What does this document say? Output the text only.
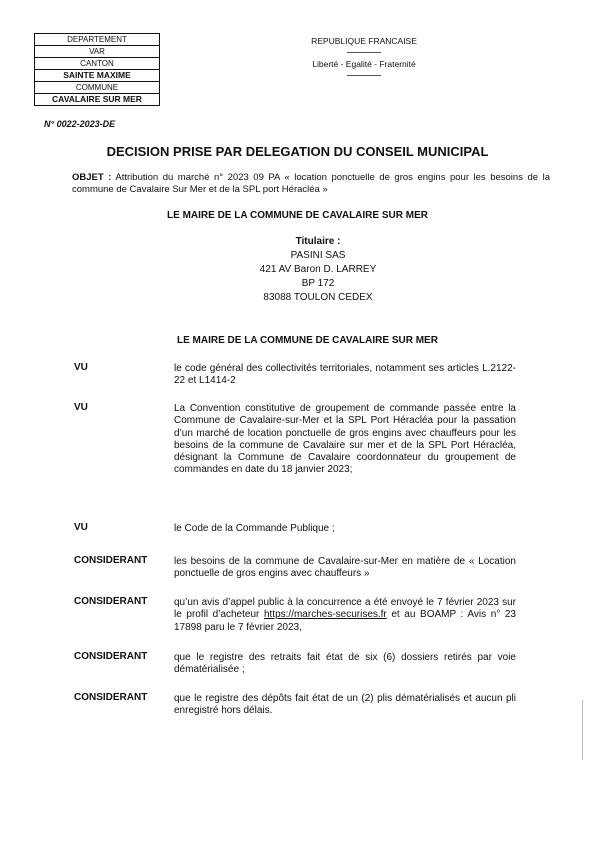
DEPARTEMENT
VAR
CANTON
SAINTE MAXIME
COMMUNE
CAVALAIRE SUR MER
REPUBLIQUE FRANCAISE
Liberté - Egalité - Fraternité
N° 0022-2023-DE
DECISION PRISE PAR DELEGATION DU CONSEIL MUNICIPAL
OBJET : Attribution du marché n° 2023 09 PA « location ponctuelle de gros engins pour les besoins de la commune de Cavalaire Sur Mer et de la SPL port Héracléa »
LE MAIRE DE LA COMMUNE DE CAVALAIRE SUR MER
Titulaire :
PASINI SAS
421 AV Baron D. LARREY
BP 172
83088 TOULON CEDEX
LE MAIRE DE LA COMMUNE DE CAVALAIRE SUR MER
VU	le code général des collectivités territoriales, notamment ses articles L.2122-22 et L1414-2
VU	La Convention constitutive de groupement de commande passée entre la Commune de Cavalaire-sur-Mer et la SPL Port Héracléa pour la passation d’un marché de location ponctuelle de gros engins avec chauffeurs pour les besoins de la commune de Cavalaire sur mer et de la SPL Port Héracléa, désignant la Commune de Cavalaire coordonnateur du groupement de commandes en date du 18 janvier 2023;
VU	le Code de la Commande Publique ;
CONSIDERANT	les besoins de la commune de Cavalaire-sur-Mer en matière de « Location ponctuelle de gros engins avec chauffeurs »
CONSIDERANT	qu’un avis d’appel public à la concurrence a été envoyé le 7 février 2023 sur le profil d’acheteur https://marches-securises.fr et au BOAMP : Avis n° 23 17898 paru le 7 février 2023,
CONSIDERANT	que le registre des retraits fait état de six (6) dossiers retirés par voie dématérialisée ;
CONSIDERANT	que le registre des dépôts fait état de un (2) plis dématérialisés et aucun pli enregistré hors délais.
